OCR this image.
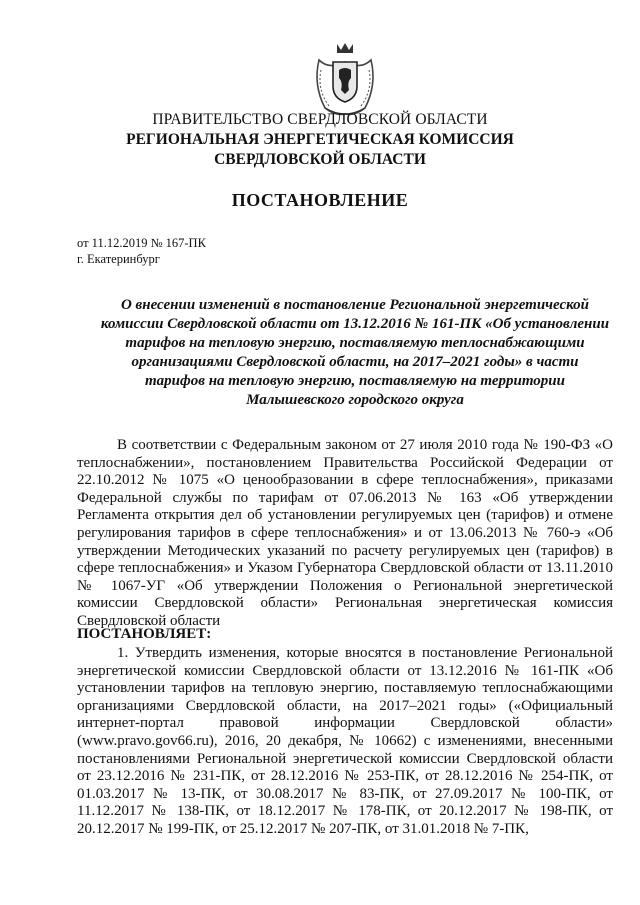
ПРАВИТЕЛЬСТВО СВЕРДЛОВСКОЙ ОБЛАСТИ
РЕГИОНАЛЬНАЯ ЭНЕРГЕТИЧЕСКАЯ КОМИССИЯ
СВЕРДЛОВСКОЙ ОБЛАСТИ
ПОСТАНОВЛЕНИЕ
от 11.12.2019 № 167-ПК
г. Екатеринбург
О внесении изменений в постановление Региональной энергетической комиссии Свердловской области от 13.12.2016 № 161-ПК «Об установлении тарифов на тепловую энергию, поставляемую теплоснабжающими организациями Свердловской области, на 2017–2021 годы» в части тарифов на тепловую энергию, поставляемую на территории Малышевского городского округа
В соответствии с Федеральным законом от 27 июля 2010 года № 190-ФЗ «О теплоснабжении», постановлением Правительства Российской Федерации от 22.10.2012 № 1075 «О ценообразовании в сфере теплоснабжения», приказами Федеральной службы по тарифам от 07.06.2013 № 163 «Об утверждении Регламента открытия дел об установлении регулируемых цен (тарифов) и отмене регулирования тарифов в сфере теплоснабжения» и от 13.06.2013 № 760-э «Об утверждении Методических указаний по расчету регулируемых цен (тарифов) в сфере теплоснабжения» и Указом Губернатора Свердловской области от 13.11.2010 № 1067-УГ «Об утверждении Положения о Региональной энергетической комиссии Свердловской области» Региональная энергетическая комиссия Свердловской области
ПОСТАНОВЛЯЕТ:
1. Утвердить изменения, которые вносятся в постановление Региональной энергетической комиссии Свердловской области от 13.12.2016 № 161-ПК «Об установлении тарифов на тепловую энергию, поставляемую теплоснабжающими организациями Свердловской области, на 2017–2021 годы» («Официальный интернет-портал правовой информации Свердловской области» (www.pravo.gov66.ru), 2016, 20 декабря, № 10662) с изменениями, внесенными постановлениями Региональной энергетической комиссии Свердловской области от 23.12.2016 № 231-ПК, от 28.12.2016 № 253-ПК, от 28.12.2016 № 254-ПК, от 01.03.2017 № 13-ПК, от 30.08.2017 № 83-ПК, от 27.09.2017 № 100-ПК, от 11.12.2017 № 138-ПК, от 18.12.2017 № 178-ПК, от 20.12.2017 № 198-ПК, от 20.12.2017 № 199-ПК, от 25.12.2017 № 207-ПК, от 31.01.2018 № 7-ПК,
